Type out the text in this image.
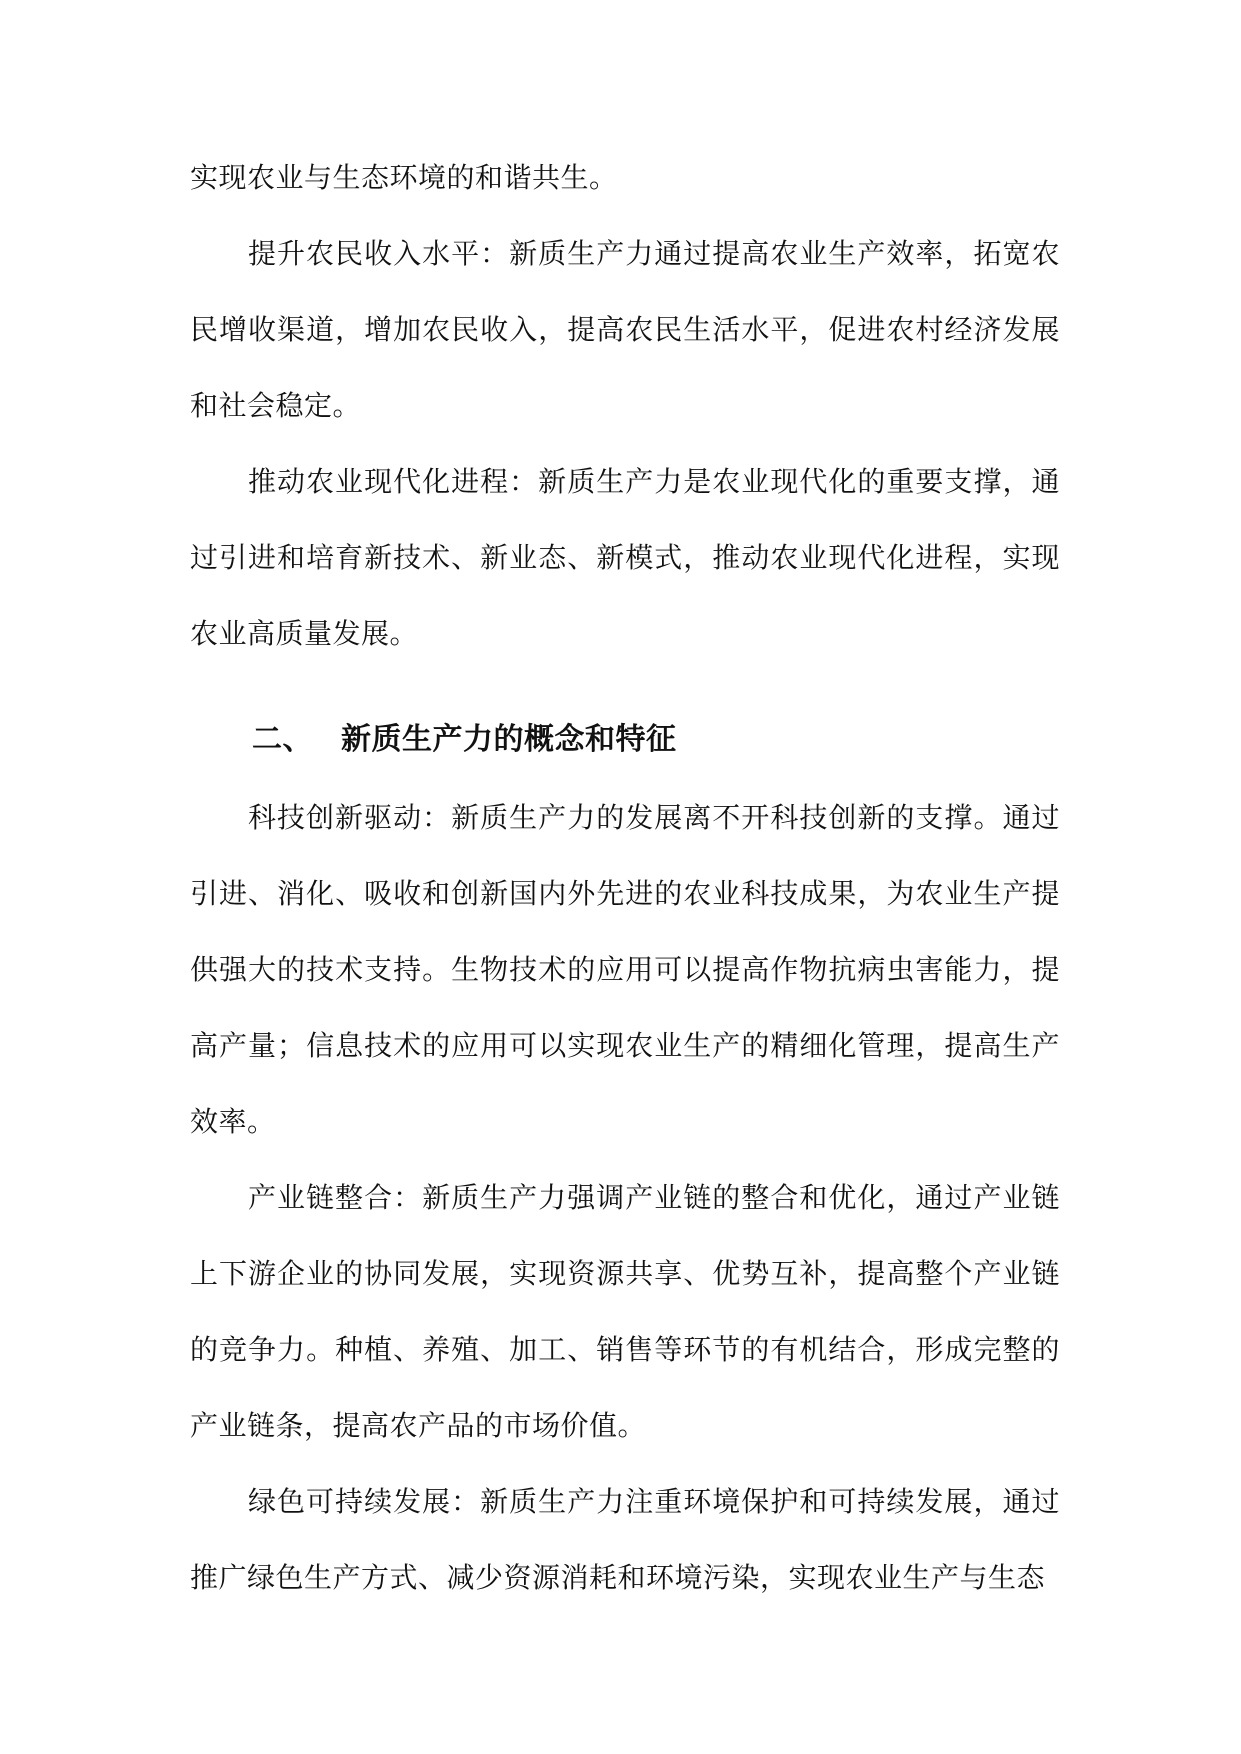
实现农业与生态环境的和谐共生。

提升农民收入水平：新质生产力通过提高农业生产效率，拓宽农民增收渠道，增加农民收入，提高农民生活水平，促进农村经济发展和社会稳定。

推动农业现代化进程：新质生产力是农业现代化的重要支撑，通过引进和培育新技术、新业态、新模式，推动农业现代化进程，实现农业高质量发展。

二、 新质生产力的概念和特征

科技创新驱动：新质生产力的发展离不开科技创新的支撑。通过引进、消化、吸收和创新国内外先进的农业科技成果，为农业生产提供强大的技术支持。生物技术的应用可以提高作物抗病虫害能力，提高产量；信息技术的应用可以实现农业生产的精细化管理，提高生产效率。

产业链整合：新质生产力强调产业链的整合和优化，通过产业链上下游企业的协同发展，实现资源共享、优势互补，提高整个产业链的竞争力。种植、养殖、加工、销售等环节的有机结合，形成完整的产业链条，提高农产品的市场价值。

绿色可持续发展：新质生产力注重环境保护和可持续发展，通过推广绿色生产方式、减少资源消耗和环境污染，实现农业生产与生态
